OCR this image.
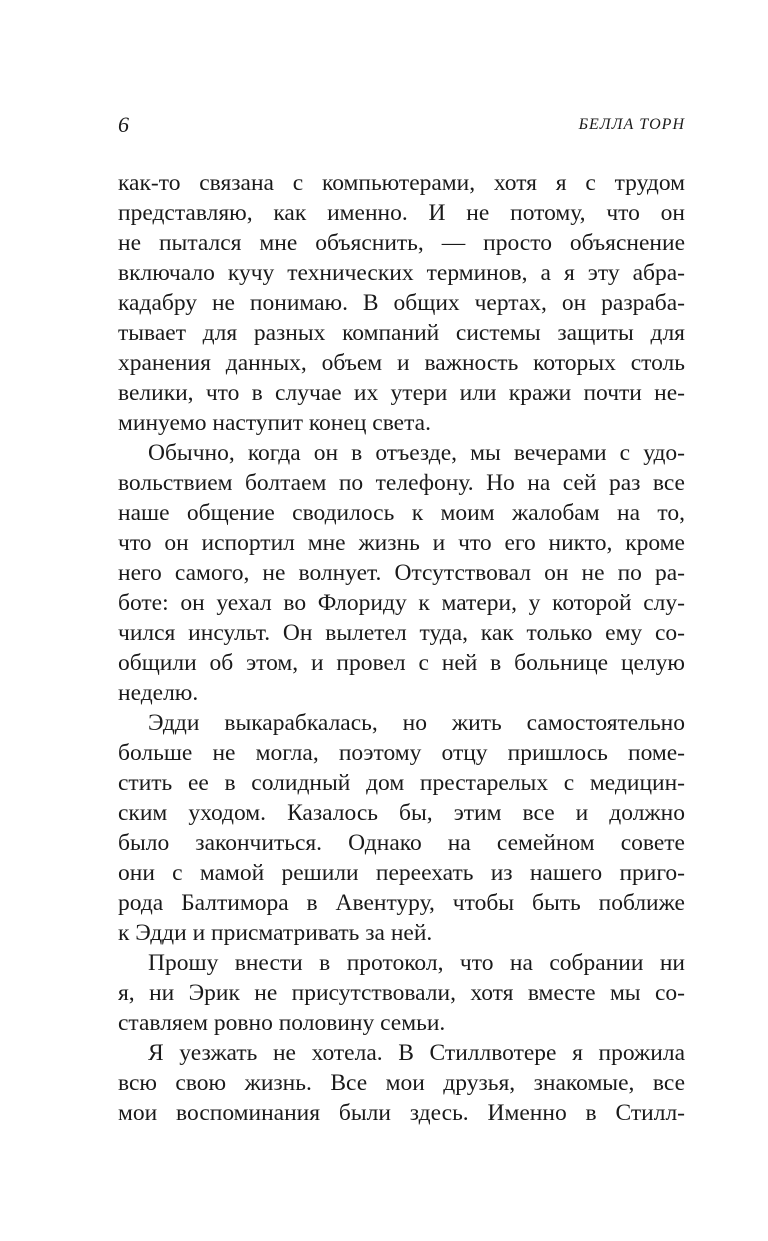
6	БЕЛЛА ТОРН
как-то связана с компьютерами, хотя я с трудом
представляю, как именно. И не потому, что он
не пытался мне объяснить, — просто объяснение
включало кучу технических терминов, а я эту абра-
кадабру не понимаю. В общих чертах, он разраба-
тывает для разных компаний системы защиты для
хранения данных, объем и важность которых столь
велики, что в случае их утери или кражи почти не-
минуемо наступит конец света.
Обычно, когда он в отъезде, мы вечерами с удо-
вольствием болтаем по телефону. Но на сей раз все
наше общение сводилось к моим жалобам на то,
что он испортил мне жизнь и что его никто, кроме
него самого, не волнует. Отсутствовал он не по ра-
боте: он уехал во Флориду к матери, у которой слу-
чился инсульт. Он вылетел туда, как только ему со-
общили об этом, и провел с ней в больнице целую
неделю.
Эдди выкарабкалась, но жить самостоятельно
больше не могла, поэтому отцу пришлось поме-
стить ее в солидный дом престарелых с медицин-
ским уходом. Казалось бы, этим все и должно
было закончиться. Однако на семейном совете
они с мамой решили переехать из нашего приго-
рода Балтимора в Авентуру, чтобы быть поближе
к Эдди и присматривать за ней.
Прошу внести в протокол, что на собрании ни
я, ни Эрик не присутствовали, хотя вместе мы со-
ставляем ровно половину семьи.
Я уезжать не хотела. В Стиллвотере я прожила
всю свою жизнь. Все мои друзья, знакомые, все
мои воспоминания были здесь. Именно в Стилл-
